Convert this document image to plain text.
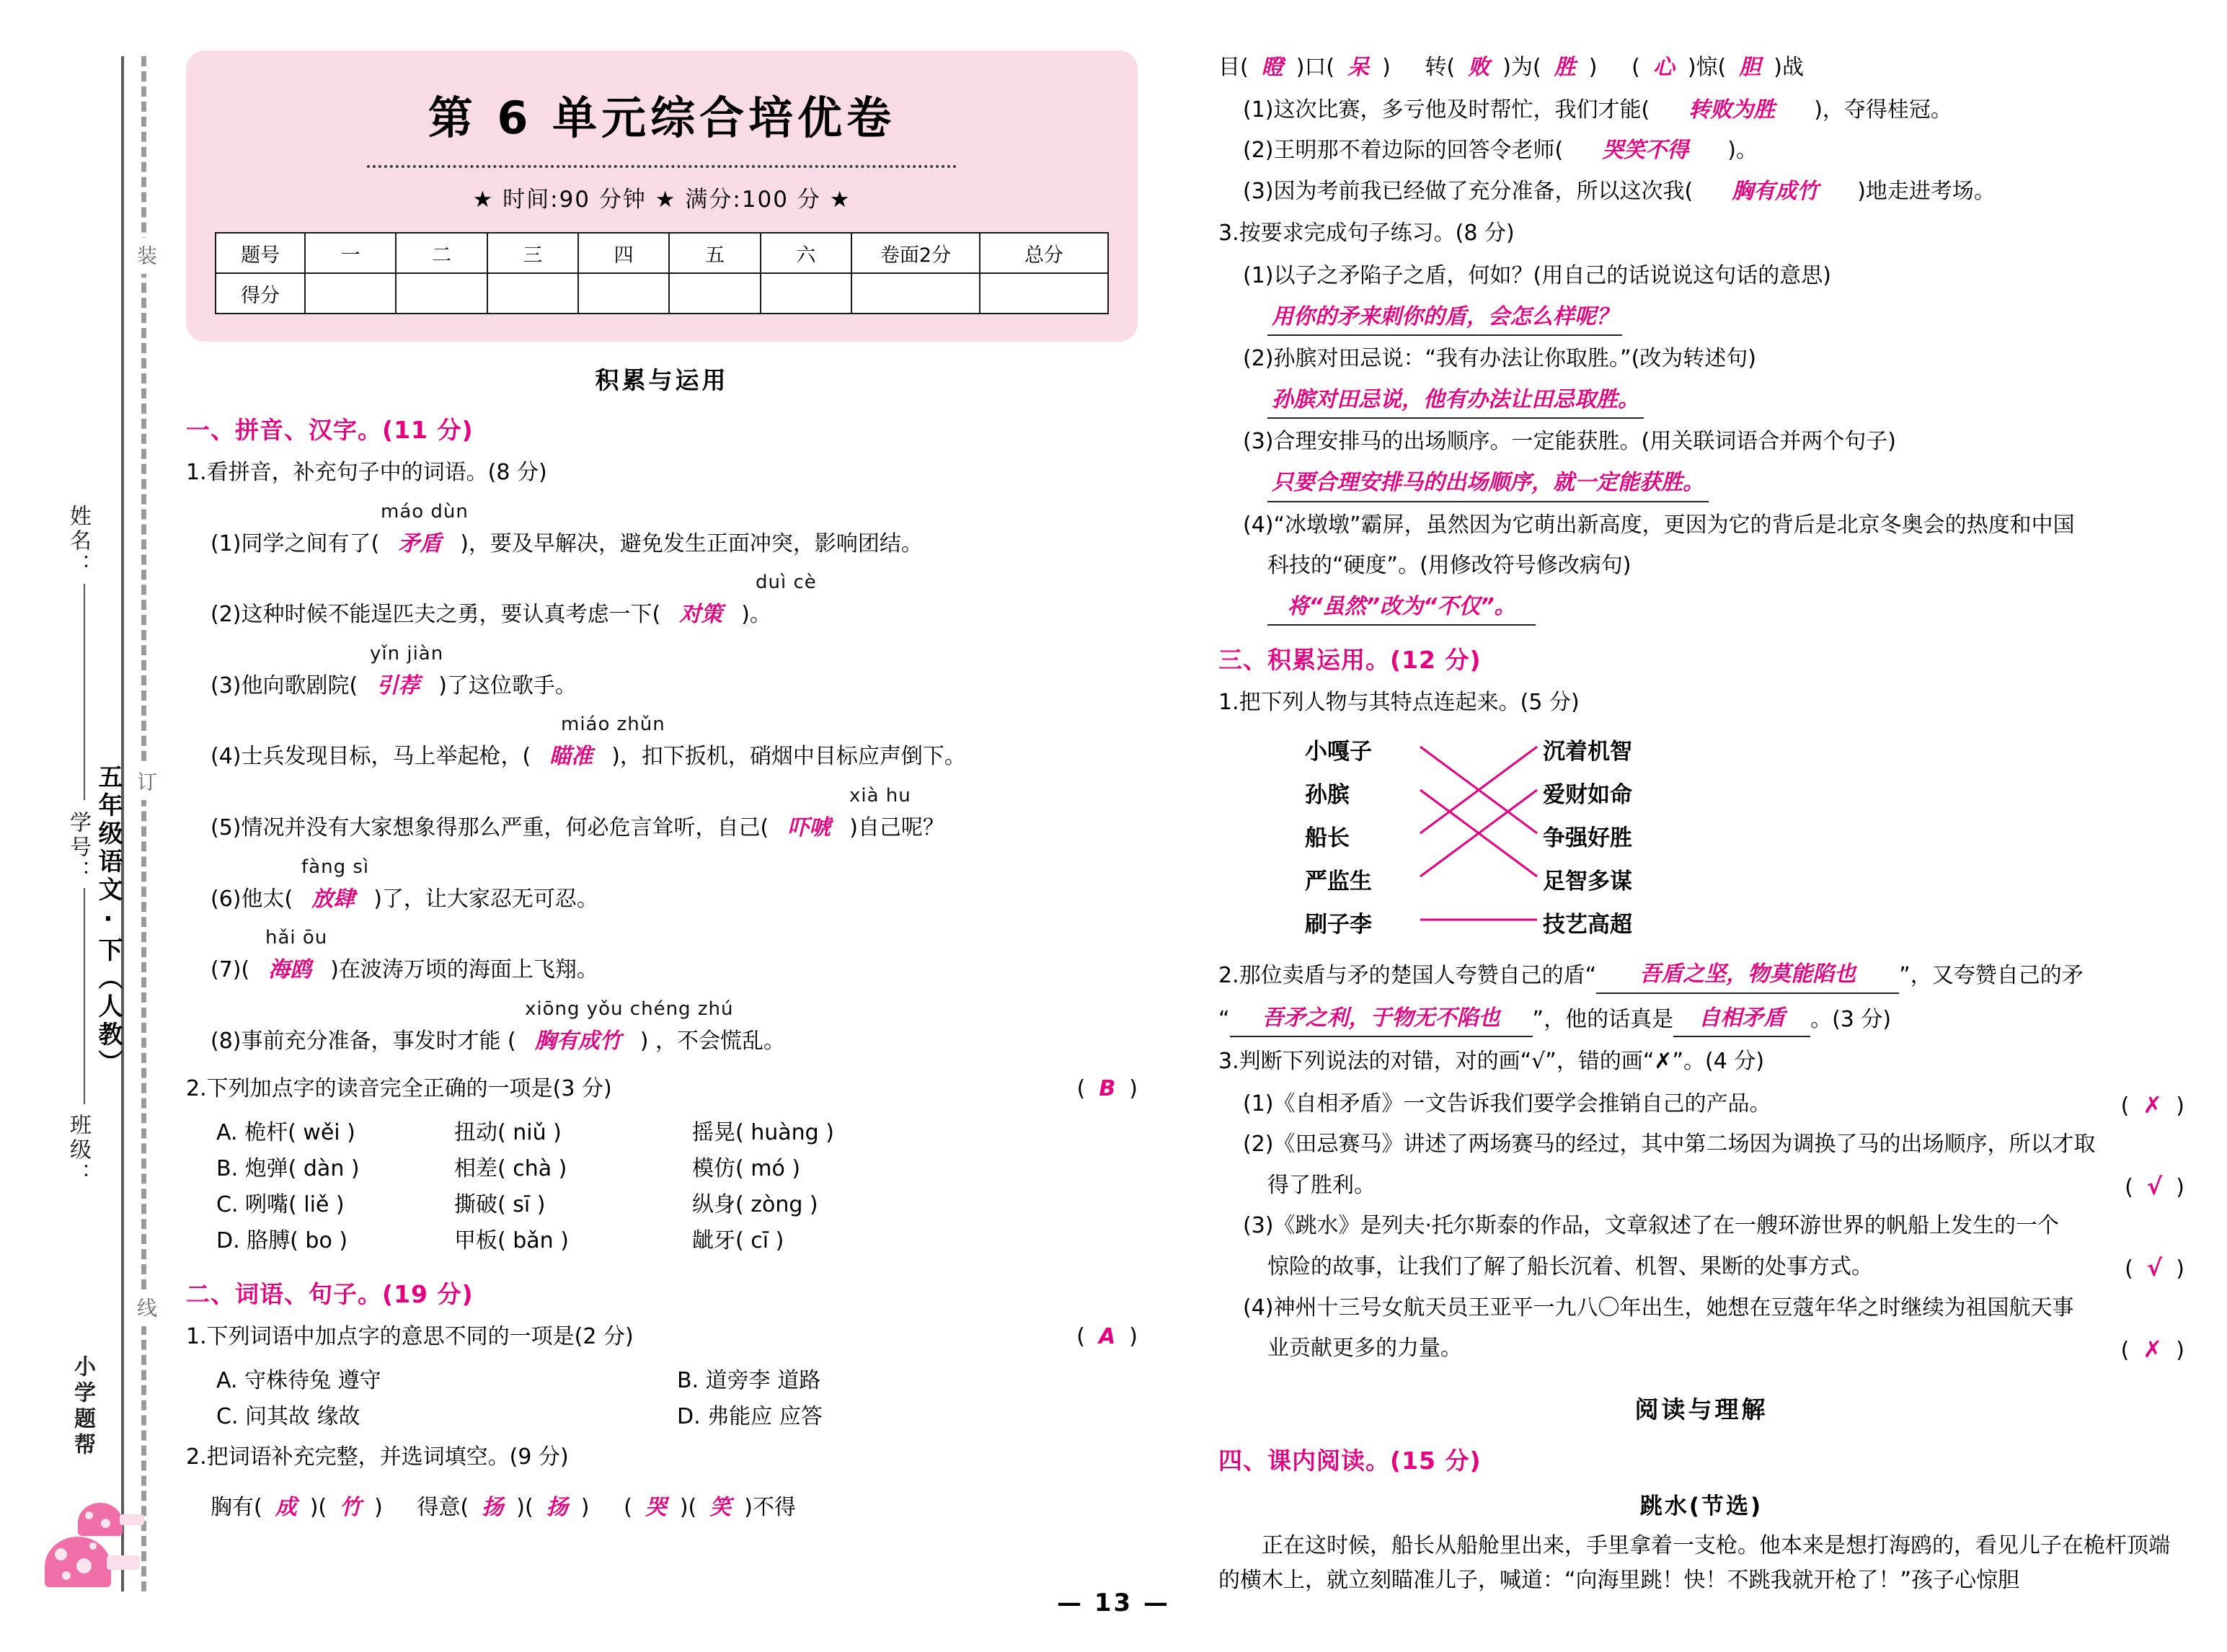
装
订
线
姓名：
学号：
班级：
五年级语文·下（人教）
小学题帮
第 6 单元综合培优卷
★ 时间:90 分钟 ★ 满分:100 分 ★
题号	一	二	三	四	五	六	卷面2分	总分
得分								
积累与运用
一、拼音、汉字。(11 分)
1.看拼音，补充句子中的词语。(8 分)
máo dùn
(1)同学之间有了( 矛盾 )，要及早解决，避免发生正面冲突，影响团结。
duì cè
(2)这种时候不能逞匹夫之勇，要认真考虑一下( 对策 )。
yǐn jiàn
(3)他向歌剧院( 引荐 )了这位歌手。
miáo zhǔn
(4)士兵发现目标，马上举起枪，( 瞄准 )，扣下扳机，硝烟中目标应声倒下。
xià hu
(5)情况并没有大家想象得那么严重，何必危言耸听，自己( 吓唬 )自己呢？
fàng sì
(6)他太( 放肆 )了，让大家忍无可忍。
hǎi ōu
(7)( 海鸥 )在波涛万顷的海面上飞翔。
xiōng yǒu chéng zhú
(8)事前充分准备，事发时才能 ( 胸有成竹 ) ，不会慌乱。
2.下列加点字的读音完全正确的一项是(3 分)	(  B  )
A. 桅杆( wěi )	扭动( niǔ )	摇晃( huàng )
B. 炮弹( dàn )	相差( chà )	模仿( mó )
C. 咧嘴( liě )	撕破( sī )	纵身( zòng )
D. 胳膊( bo )	甲板( bǎn )	龇牙( cī )
二、词语、句子。(19 分)
1.下列词语中加点字的意思不同的一项是(2 分)	(  A  )
A. 守株待兔 遵守	B. 道旁李 道路
C. 问其故 缘故	D. 弗能应 应答
2.把词语补充完整，并选词填空。(9 分)
胸有( 成 )( 竹 ) 得意( 扬 )( 扬 ) ( 哭 )( 笑 )不得
目( 瞪 )口( 呆 ) 转( 败 )为( 胜 ) ( 心 )惊( 胆 )战
(1)这次比赛，多亏他及时帮忙，我们才能( 转败为胜 )，夺得桂冠。
(2)王明那不着边际的回答令老师( 哭笑不得 )。
(3)因为考前我已经做了充分准备，所以这次我( 胸有成竹 )地走进考场。
3.按要求完成句子练习。(8 分)
(1)以子之矛陷子之盾，何如？(用自己的话说说这句话的意思)
用你的矛来刺你的盾，会怎么样呢？
(2)孙膑对田忌说：“我有办法让你取胜。”(改为转述句)
孙膑对田忌说，他有办法让田忌取胜。
(3)合理安排马的出场顺序。一定能获胜。(用关联词语合并两个句子)
只要合理安排马的出场顺序，就一定能获胜。
(4)“冰墩墩”霸屏，虽然因为它萌出新高度，更因为它的背后是北京冬奥会的热度和中国
科技的“硬度”。(用修改符号修改病句)
将“虽然”改为“不仅”。
三、积累运用。(12 分)
1.把下列人物与其特点连起来。(5 分)
小嘎子
孙膑
船长
严监生
刷子李
沉着机智
爱财如命
争强好胜
足智多谋
技艺高超
2.那位卖盾与矛的楚国人夸赞自己的盾“ 吾盾之坚，物莫能陷也 ”，又夸赞自己的矛
“ 吾矛之利，于物无不陷也 ”，他的话真是 自相矛盾 。(3 分)
3.判断下列说法的对错，对的画“√”，错的画“✗”。(4 分)
(  ✗  )
(1)《自相矛盾》一文告诉我们要学会推销自己的产品。
(2)《田忌赛马》讲述了两场赛马的经过，其中第二场因为调换了马的出场顺序，所以才取
(  √  )
得了胜利。
(3)《跳水》是列夫·托尔斯泰的作品，文章叙述了在一艘环游世界的帆船上发生的一个
(  √  )
惊险的故事，让我们了解了船长沉着、机智、果断的处事方式。
(4)神州十三号女航天员王亚平一九八〇年出生，她想在豆蔻年华之时继续为祖国航天事
(  ✗  )
业贡献更多的力量。
阅读与理解
四、课内阅读。(15 分)
跳水(节选)
正在这时候，船长从船舱里出来，手里拿着一支枪。他本来是想打海鸥的，看见儿子在桅杆顶端的横木上，就立刻瞄准儿子，喊道：“向海里跳！快！不跳我就开枪了！”孩子心惊胆
— 13 —
